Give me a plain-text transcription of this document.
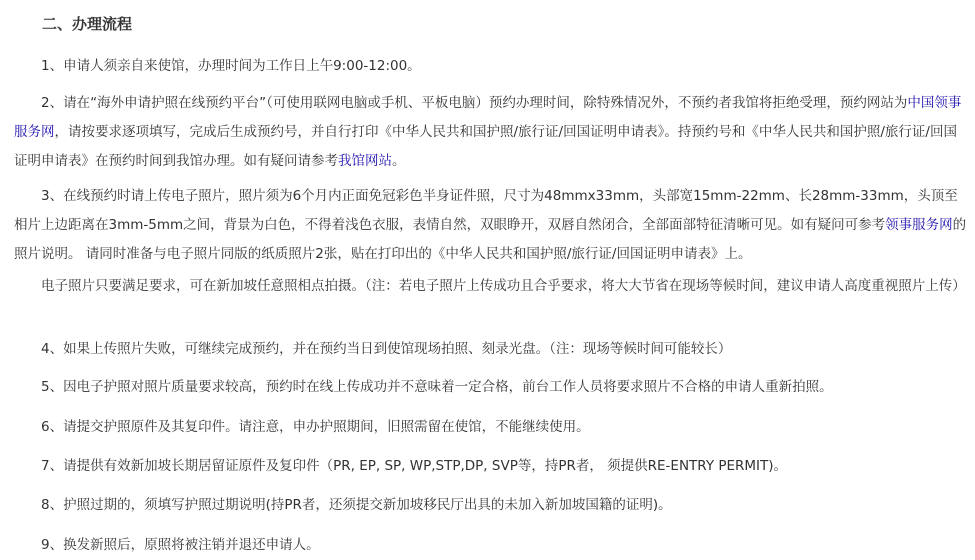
二、办理流程

1、申请人须亲自来使馆，办理时间为工作日上午9:00-12:00。

2、请在“海外申请护照在线预约平台”（可使用联网电脑或手机、平板电脑）预约办理时间，除特殊情况外，不预约者我馆将拒绝受理，预约网站为中国领事服务网，请按要求逐项填写，完成后生成预约号，并自行打印《中华人民共和国护照/旅行证/回国证明申请表》。持预约号和《中华人民共和国护照/旅行证/回国证明申请表》在预约时间到我馆办理。如有疑问请参考我馆网站。

3、在线预约时请上传电子照片，照片须为6个月内正面免冠彩色半身证件照，尺寸为48mmx33mm，头部宽15mm-22mm、长28mm-33mm，头顶至相片上边距离在3mm-5mm之间，背景为白色，不得着浅色衣服，表情自然，双眼睁开，双唇自然闭合，全部面部特征清晰可见。如有疑问可参考领事服务网的照片说明。 请同时准备与电子照片同版的纸质照片2张，贴在打印出的《中华人民共和国护照/旅行证/回国证明申请表》上。

电子照片只要满足要求，可在新加坡任意照相点拍摄。（注：若电子照片上传成功且合乎要求，将大大节省在现场等候时间，建议申请人高度重视照片上传）

4、如果上传照片失败，可继续完成预约，并在预约当日到使馆现场拍照、刻录光盘。（注：现场等候时间可能较长）

5、因电子护照对照片质量要求较高，预约时在线上传成功并不意味着一定合格，前台工作人员将要求照片不合格的申请人重新拍照。

6、请提交护照原件及其复印件。请注意，申办护照期间，旧照需留在使馆，不能继续使用。

7、请提供有效新加坡长期居留证原件及复印件（PR, EP, SP, WP,STP,DP, SVP等，持PR者， 须提供RE-ENTRY PERMIT)。

8、护照过期的，须填写护照过期说明(持PR者，还须提交新加坡移民厅出具的未加入新加坡国籍的证明)。

9、换发新照后，原照将被注销并退还申请人。
